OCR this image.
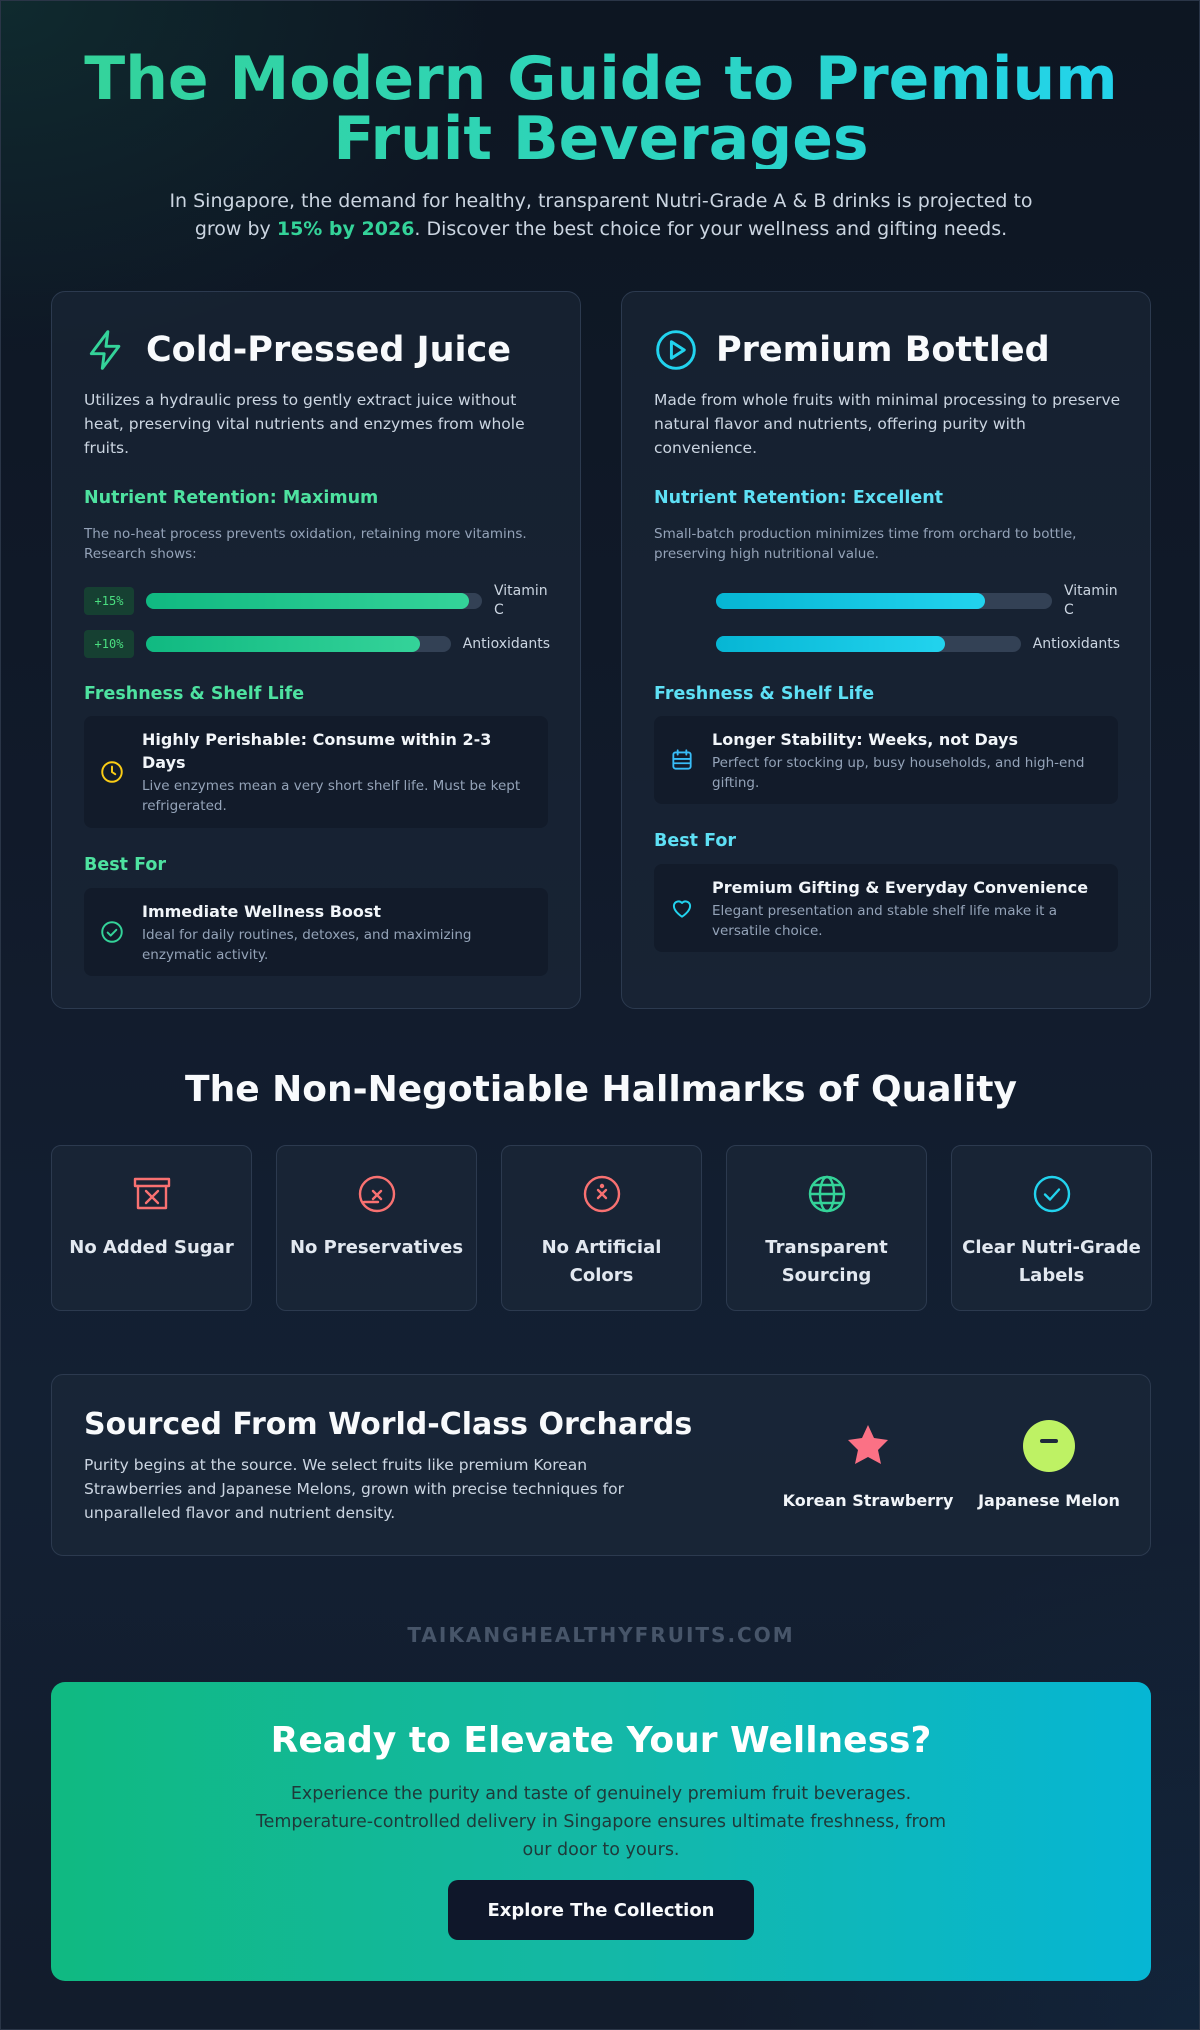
The Modern Guide to Premium
Fruit Beverages

In Singapore, the demand for healthy, transparent Nutri-Grade A & B drinks is projected to grow by 15% by 2026. Discover the best choice for your wellness and gifting needs.

Cold-Pressed Juice

Utilizes a hydraulic press to gently extract juice without heat, preserving vital nutrients and enzymes from whole fruits.

Nutrient Retention: Maximum

The no-heat process prevents oxidation, retaining more vitamins. Research shows:

+15%
Vitamin C
+10%	Antioxidants
Freshness & Shelf Life
Highly Perishable: Consume within 2-3 Days
Live enzymes mean a very short shelf life. Must be kept refrigerated.
Best For
Immediate Wellness Boost
Ideal for daily routines, detoxes, and maximizing enzymatic activity.
Premium Bottled

Made from whole fruits with minimal processing to preserve natural flavor and nutrients, offering purity with convenience.

Nutrient Retention: Excellent

Small-batch production minimizes time from orchard to bottle, preserving high nutritional value.

Vitamin C
Antioxidants
Freshness & Shelf Life
Longer Stability: Weeks, not Days
Perfect for stocking up, busy households, and high-end gifting.
Best For
Premium Gifting & Everyday Convenience
Elegant presentation and stable shelf life make it a versatile choice.
The Non-Negotiable Hallmarks of Quality
No Added Sugar	No Preservatives	No Artificial Colors
Transparent Sourcing
Clear Nutri-Grade Labels
Sourced From World-Class Orchards

Purity begins at the source. We select fruits like premium Korean Strawberries and Japanese Melons, grown with precise techniques for unparalleled flavor and nutrient density.

Korean Strawberry Japanese Melon
TAIKANGHEALTHYFRUITS.COM
Ready to Elevate Your Wellness?

Experience the purity and taste of genuinely premium fruit beverages. Temperature-controlled delivery in Singapore ensures ultimate freshness, from our door to yours.

Explore The Collection
